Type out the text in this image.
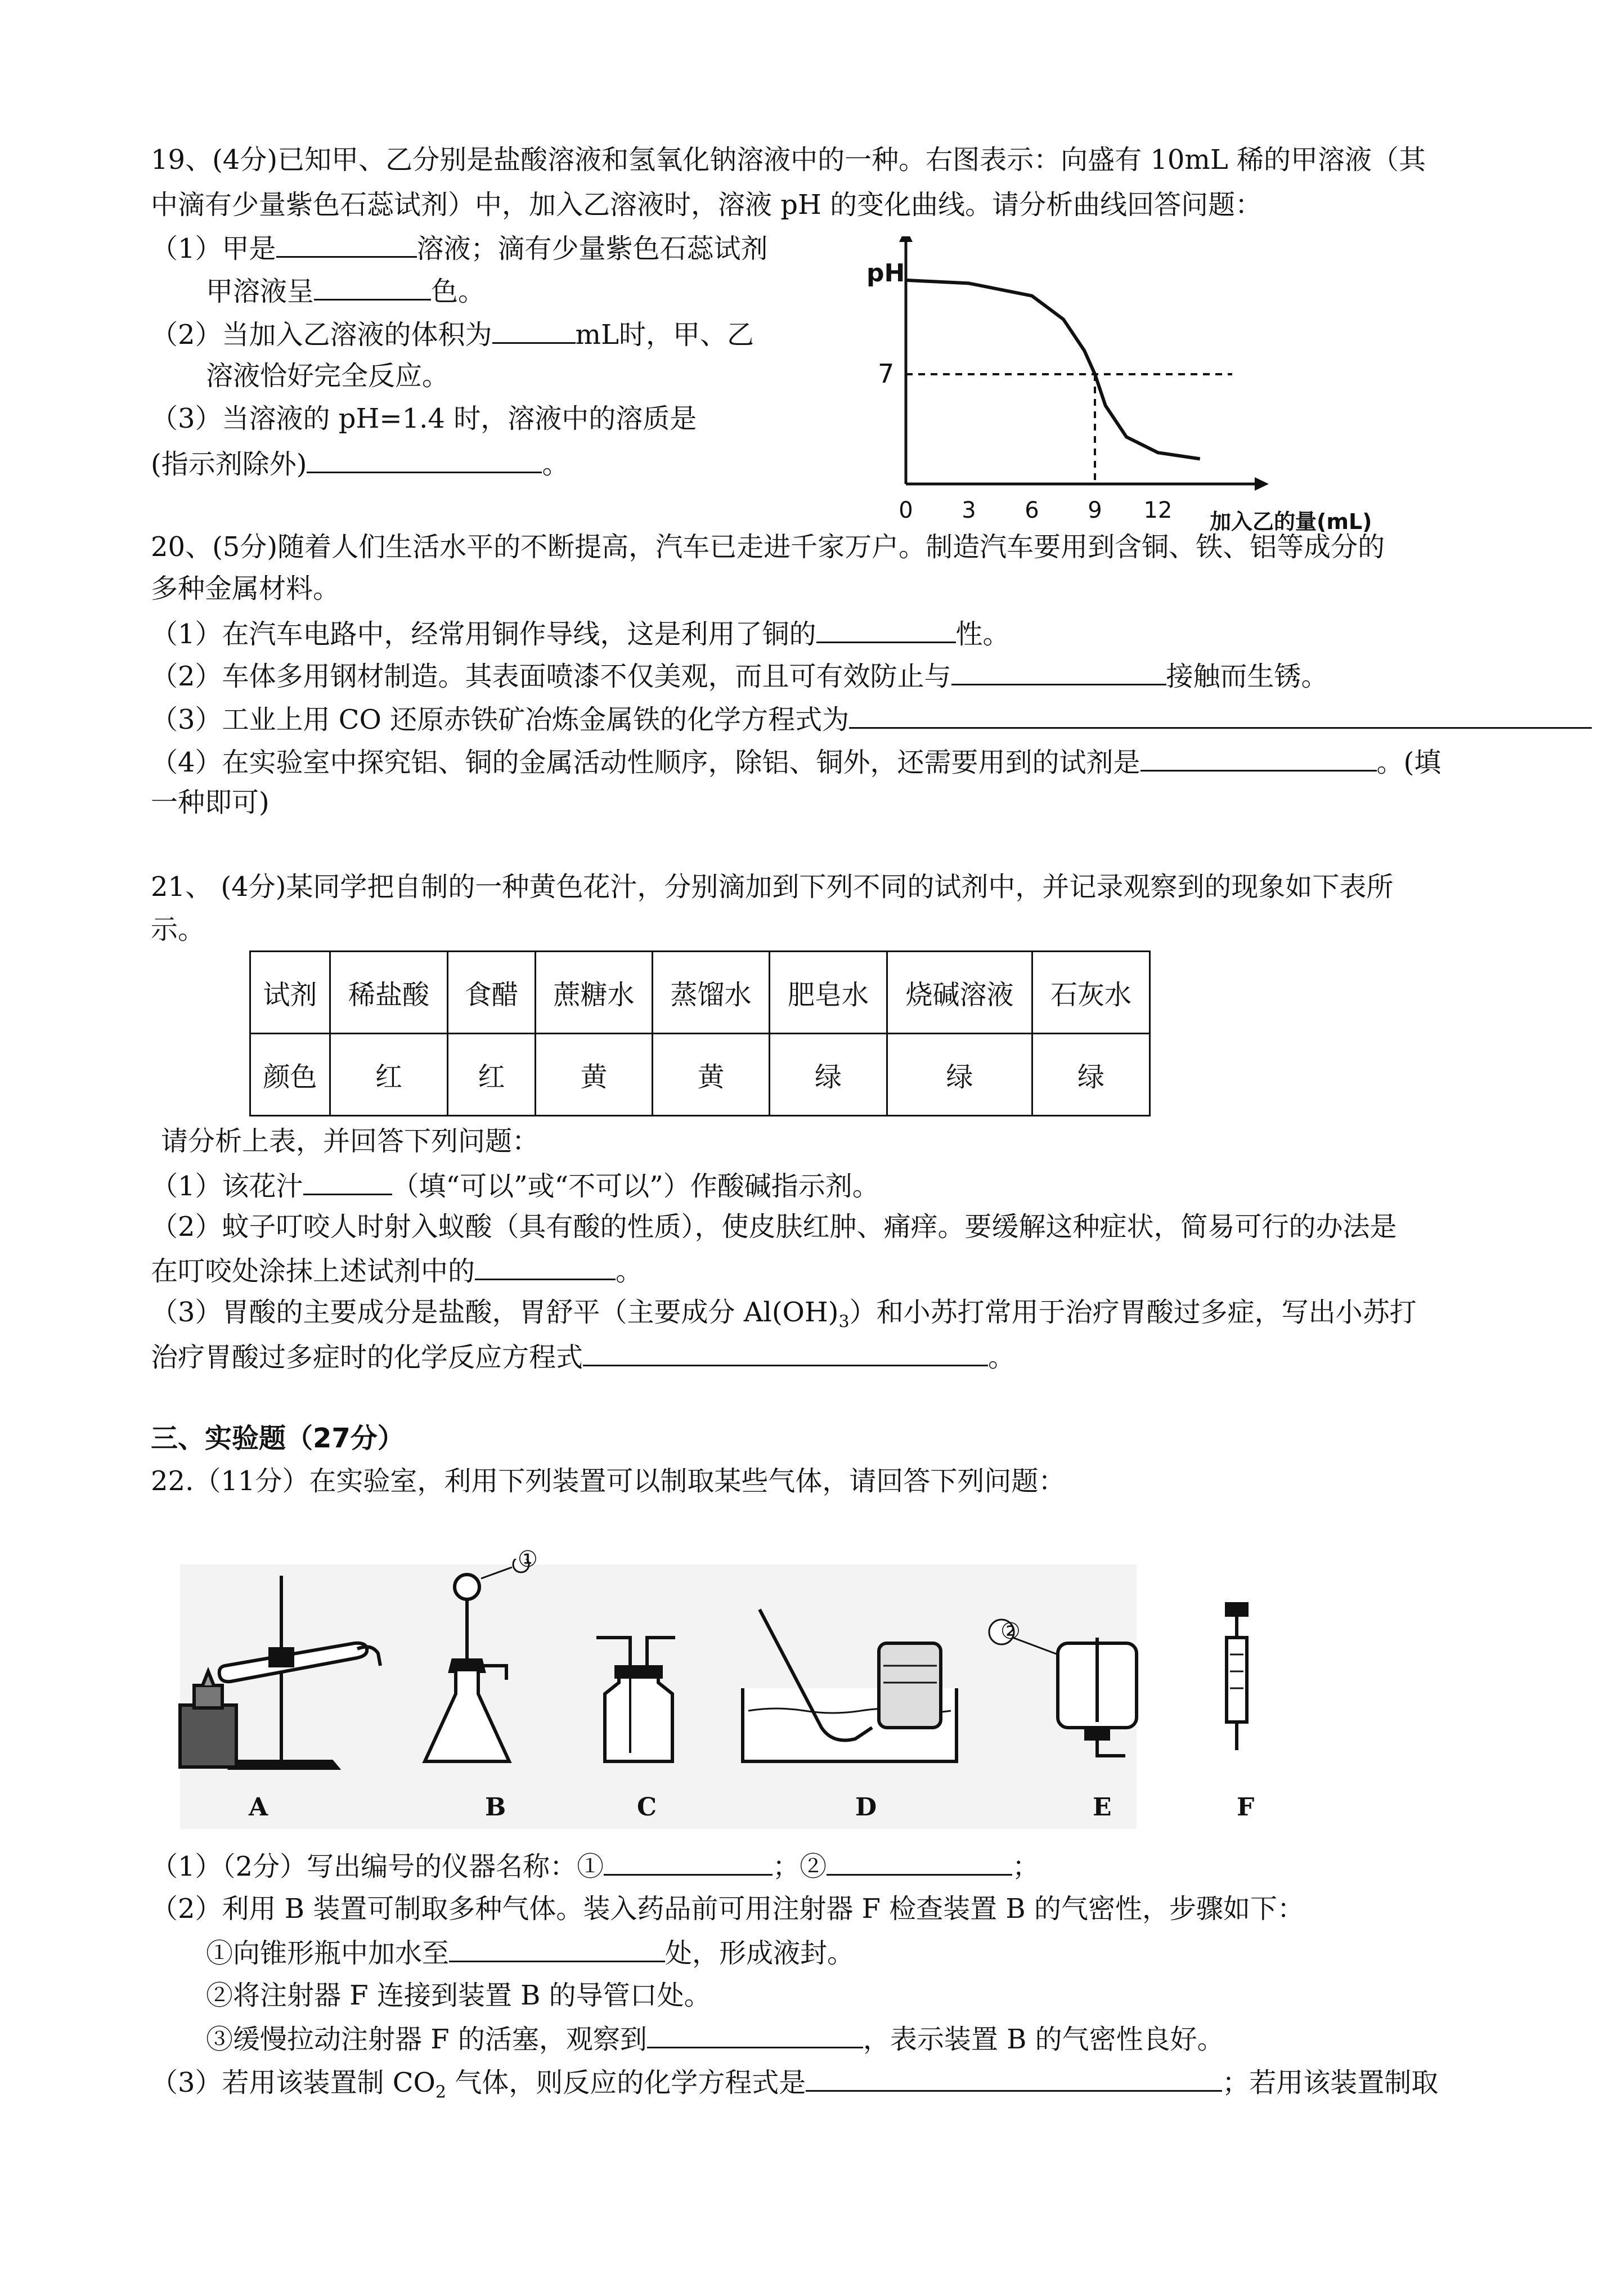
19、(4分)已知甲、乙分别是盐酸溶液和氢氧化钠溶液中的一种。右图表示：向盛有 10mL 稀的甲溶液（其
中滴有少量紫色石蕊试剂）中，加入乙溶液时，溶液 pH 的变化曲线。请分析曲线回答问题：
（1）甲是	溶液；滴有少量紫色石蕊试剂
甲溶液呈	色。
（2）当加入乙溶液的体积为	mL时，甲、乙
溶液恰好完全反应。
（3）当溶液的 pH=1.4 时，溶液中的溶质是
(指示剂除外)	。
pH
7
0 3 6 9 12 加入乙的量(mL)
20、(5分)随着人们生活水平的不断提高，汽车已走进千家万户。制造汽车要用到含铜、铁、铝等成分的
多种金属材料。
（1）在汽车电路中，经常用铜作导线，这是利用了铜的	性。
（2）车体多用钢材制造。其表面喷漆不仅美观，而且可有效防止与	接触而生锈。
（3）工业上用 CO 还原赤铁矿冶炼金属铁的化学方程式为
（4）在实验室中探究铝、铜的金属活动性顺序，除铝、铜外，还需要用到的试剂是	。(填
一种即可)
21、 (4分)某同学把自制的一种黄色花汁，分别滴加到下列不同的试剂中，并记录观察到的现象如下表所
示。
试剂	稀盐酸	食醋	蔗糖水	蒸馏水	肥皂水	烧碱溶液	石灰水
颜色	红	红	黄	黄	绿	绿	绿
请分析上表，并回答下列问题：
（1）该花汁	（填“可以”或“不可以”）作酸碱指示剂。
（2）蚊子叮咬人时射入蚁酸（具有酸的性质），使皮肤红肿、痛痒。要缓解这种症状，简易可行的办法是
在叮咬处涂抹上述试剂中的	。
（3）胃酸的主要成分是盐酸，胃舒平（主要成分 $Al(OH)_3$）和小苏打常用于治疗胃酸过多症，写出小苏打
治疗胃酸过多症时的化学反应方程式	。
三、实验题（27分）
22.（11分）在实验室，利用下列装置可以制取某些气体，请回答下列问题：
①
②
A	B	C	D	E	F
（1）（2分）写出编号的仪器名称：①	；②	；
（2）利用 B 装置可制取多种气体。装入药品前可用注射器 F 检查装置 B 的气密性，步骤如下：
①向锥形瓶中加水至	处，形成液封。
②将注射器 F 连接到装置 B 的导管口处。
③缓慢拉动注射器 F 的活塞，观察到	，表示装置 B 的气密性良好。
（3）若用该装置制 $CO_2$ 气体，则反应的化学方程式是	；若用该装置制取
